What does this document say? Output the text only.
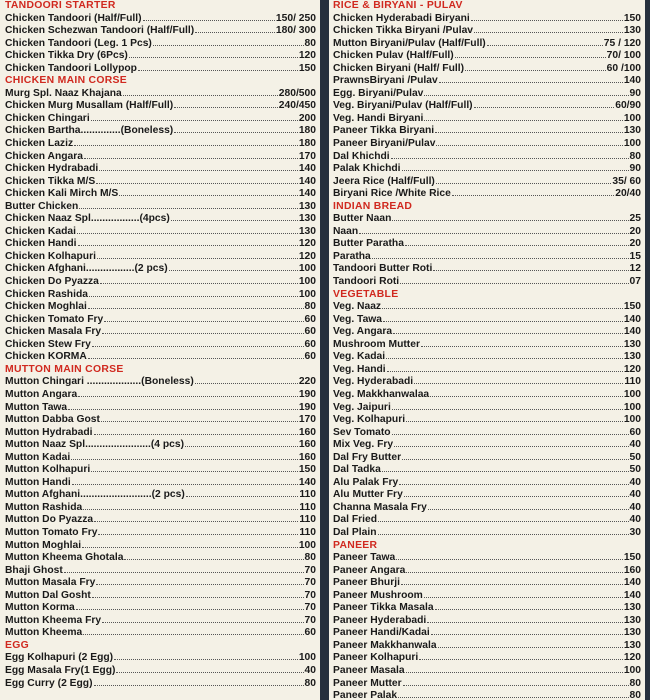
TANDOORI STARTER
Chicken Tandoori (Half/Full)	150/ 250
Chicken Schezwan Tandoori (Half/Full)	180/ 300
Chicken Tandoori (Leg. 1 Pcs)	80
Chicken Tikka Dry (6Pcs)	120
Chicken Tandoori Lollypop	150
CHICKEN MAIN CORSE
Murg Spl. Naaz Khajana	280/500
Chicken Murg Musallam (Half/Full)	240/450
Chicken Chingari	200
Chicken Bartha..............(Boneless)	180
Chicken Laziz	180
Chicken Angara	170
Chicken Hydrabadi	140
Chicken Tikka M/S	140
Chicken Kali Mirch M/S	140
Butter Chicken	130
Chicken Naaz Spl.................(4pcs)	130
Chicken Kadai	130
Chicken Handi	120
Chicken Kolhapuri	120
Chicken Afghani.................(2 pcs)	100
Chicken Do Pyazza	100
Chicken Rashida	100
Chicken Moghlai	80
Chicken Tomato Fry	60
Chicken Masala Fry	60
Chicken Stew Fry	60
Chicken KORMA	60
MUTTON MAIN CORSE
Mutton Chingari ...................(Boneless)	220
Mutton Angara	190
Mutton Tawa	190
Mutton Dabba Gost	170
Mutton Hydrabadi	160
Mutton Naaz Spl.......................(4 pcs)	160
Mutton Kadai	160
Mutton Kolhapuri	150
Mutton Handi	140
Mutton Afghani.........................(2 pcs)	110
Mutton Rashida	110
Mutton Do Pyazza	110
Mutton Tomato Fry	110
Mutton Moghlai	100
Mutton Kheema Ghotala	80
Bhaji Ghost	70
Mutton Masala Fry	70
Mutton Dal Gosht	70
Mutton Korma	70
Mutton Kheema Fry	70
Mutton Kheema	60
EGG
Egg Kolhapuri (2 Egg)	100
Egg Masala Fry(1 Egg)	40
Egg Curry (2 Egg)	80
RICE & BIRYANI - PULAV
Chicken Hyderabadi Biryani	150
Chicken Tikka Biryani /Pulav	130
Mutton Biryani/Pulav (Half/Full)	75 / 120
Chicken Pulav (Half/Full)	70/ 100
Chicken Biryani (Half/ Full)	60 /100
PrawnsBiryani /Pulav	140
Egg. Biryani/Pulav	90
Veg. Biryani/Pulav (Half/Full)	60/90
Veg. Handi Biryani	100
Paneer Tikka Biryani	130
Paneer Biryani/Pulav	100
Dal Khichdi	80
Palak Khichdi	90
Jeera Rice (Half/Full)	35/ 60
Biryani Rice /White Rice	20/40
INDIAN BREAD
Butter Naan	25
Naan	20
Butter Paratha	20
Paratha	15
Tandoori Butter Roti	12
Tandoori Roti	07
VEGETABLE
Veg. Naaz	150
Veg. Tawa	140
Veg. Angara	140
Mushroom Mutter	130
Veg. Kadai	130
Veg. Handi	120
Veg. Hyderabadi	110
Veg. Makkhanwalaa	100
Veg. Jaipuri	100
Veg. Kolhapuri	100
Sev Tomato	60
Mix Veg. Fry	40
Dal Fry Butter	50
Dal Tadka	50
Alu Palak Fry	40
Alu Mutter Fry	40
Channa Masala Fry	40
Dal Fried	40
Dal Plain	30
PANEER
Paneer Tawa	150
Paneer Angara	160
Paneer Bhurji	140
Paneer Mushroom	140
Paneer Tikka Masala	130
Paneer Hyderabadi	130
Paneer Handi/Kadai	130
Paneer Makkhanwala	130
Paneer Kolhapuri	120
Paneer Masala	100
Paneer Mutter	80
Paneer Palak	80
